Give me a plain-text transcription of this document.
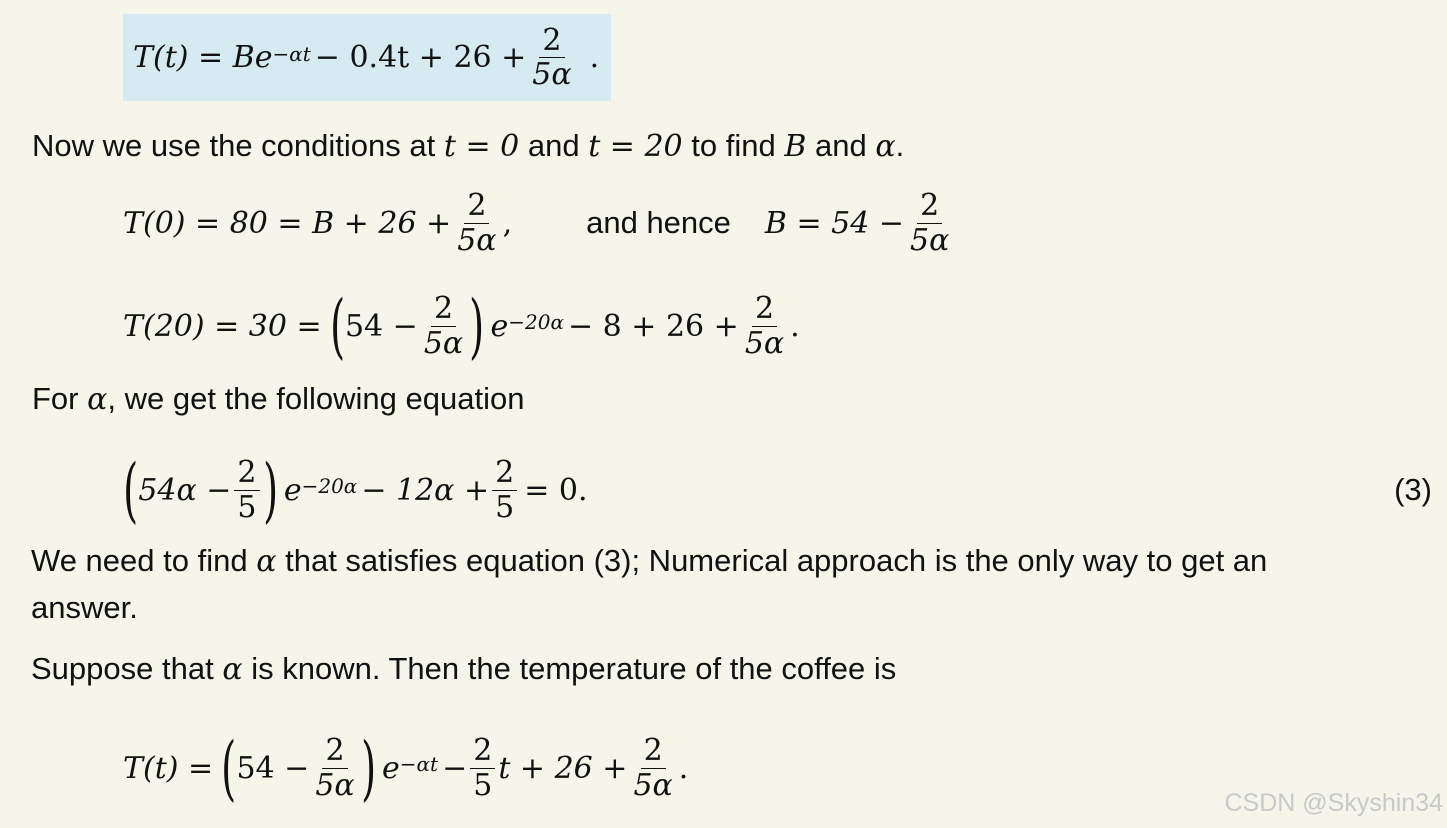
$T(t) = Be^{-\alpha t} - 0.4t + 26 + \frac{2}{5\alpha}$ .
Now we use the conditions at t = 0 and t = 20 to find B and α.
$T(0) = 80 = B + 26 + \frac{2}{5\alpha}$ , and hence $B = 54 - \frac{2}{5\alpha}$
T(20) = 30 = ( $54 - \frac{2}{5\alpha}$ ) $e^{-20\alpha} - 8 + 26 + \frac{2}{5\alpha}$ .
For α, we get the following equation
( $54\alpha - \frac{2}{5}$ ) $e^{-20\alpha} - 12\alpha + \frac{2}{5} = 0$.	(3)
We need to find α that satisfies equation (3); Numerical approach is the only way to get an
answer.
Suppose that α is known. Then the temperature of the coffee is
T(t) = ( $54 - \frac{2}{5\alpha}$ ) $e^{-\alpha t} - \frac{2}{5}$ $t + 26 + \frac{2}{5\alpha}$ .
CSDN @Skyshin34
